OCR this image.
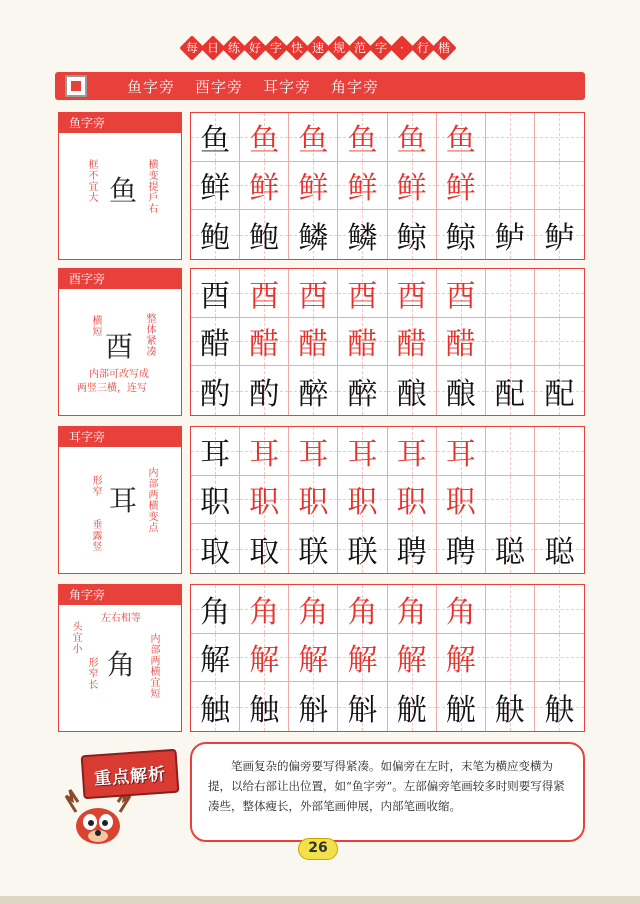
每 日 练 好 字 快 速 规 范 字	·	行 楷
鱼字旁 酉字旁 耳字旁 角字旁
鱼字旁
鱼
框不宜大	横变提戶右
鱼 鱼 鱼 鱼 鱼 鱼
鲜 鲜 鲜 鲜 鲜 鲜
鲍 鲍 鳞 鳞 鲸 鲸 鲈 鲈
酉字旁
酉
横短	整体紧凑
内部可改写成
两竖三横，连写
酉 酉 酉 酉 酉 酉
醋 醋 醋 醋 醋 醋
酌 酌 醉 醉 酿 酿 配 配
耳字旁
耳
形窄	内部两横变点
垂露竖
耳 耳 耳 耳 耳 耳
职 职 职 职 职 职
取 取 联 联 聘 聘 聪 聪
角字旁
左右相等
角
头宜小
形窄长	内部两横宜短
角 角 角 角 角 角
解 解 解 解 解 解
触 触 斛 斛 觥 觥 觖 觖
重点解析	笔画复杂的偏旁要写得紧凑。如偏旁在左时，末笔为横应变横为提，以给右部让出位置，如“鱼字旁”。左部偏旁笔画较多时则要写得紧凑些，整体瘦长，外部笔画伸展，内部笔画收缩。

26
